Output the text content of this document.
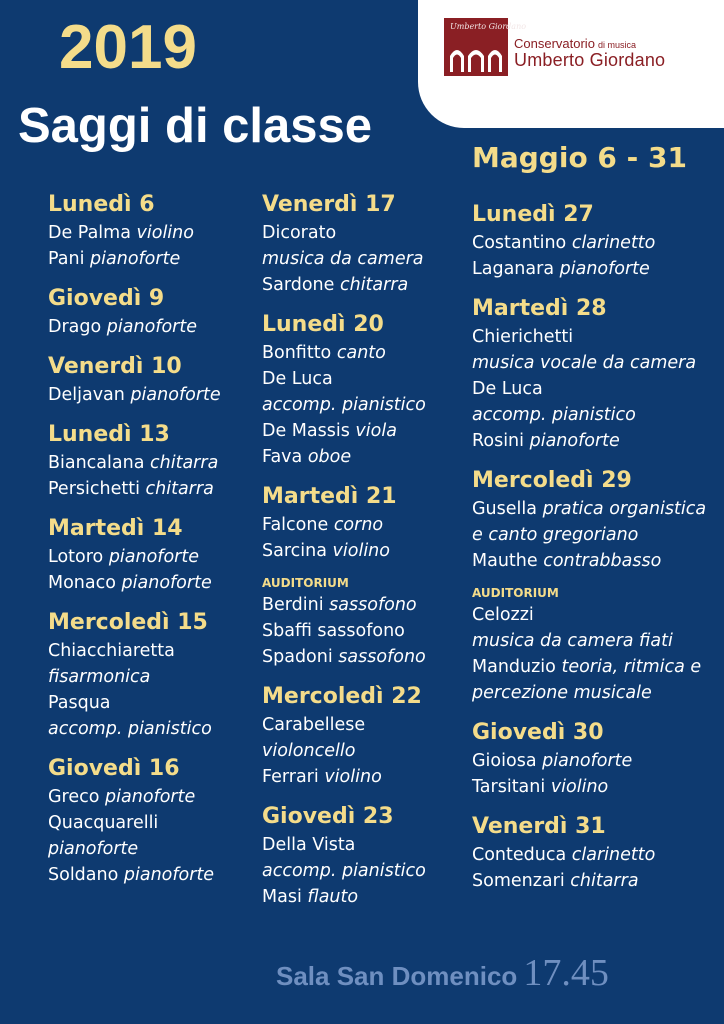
Umberto Giordano
Conservatorio di musica
Umberto Giordano
2019
Saggi di classe
Maggio 6 - 31
Lunedì 6
De Palma violino
Pani pianoforte
Giovedì 9
Drago pianoforte
Venerdì 10
Deljavan pianoforte
Lunedì 13
Biancalana chitarra
Persichetti chitarra
Martedì 14
Lotoro pianoforte
Monaco pianoforte
Mercoledì 15
Chiacchiaretta
fisarmonica
Pasqua
accomp. pianistico
Giovedì 16
Greco pianoforte
Quacquarelli
pianoforte
Soldano pianoforte
Venerdì 17
Dicorato
musica da camera
Sardone chitarra
Lunedì 20
Bonfitto canto
De Luca
accomp. pianistico
De Massis viola
Fava oboe
Martedì 21
Falcone corno
Sarcina violino
AUDITORIUM
Berdini sassofono
Sbaffi sassofono
Spadoni sassofono
Mercoledì 22
Carabellese
violoncello
Ferrari violino
Giovedì 23
Della Vista
accomp. pianistico
Masi flauto
Lunedì 27
Costantino clarinetto
Laganara pianoforte
Martedì 28
Chierichetti
musica vocale da camera
De Luca
accomp. pianistico
Rosini pianoforte
Mercoledì 29
Gusella pratica organistica
e canto gregoriano
Mauthe contrabbasso
AUDITORIUM
Celozzi
musica da camera fiati
Manduzio teoria, ritmica e
percezione musicale
Giovedì 30
Gioiosa pianoforte
Tarsitani violino
Venerdì 31
Conteduca clarinetto
Somenzari chitarra
Sala San Domenico 17.45
